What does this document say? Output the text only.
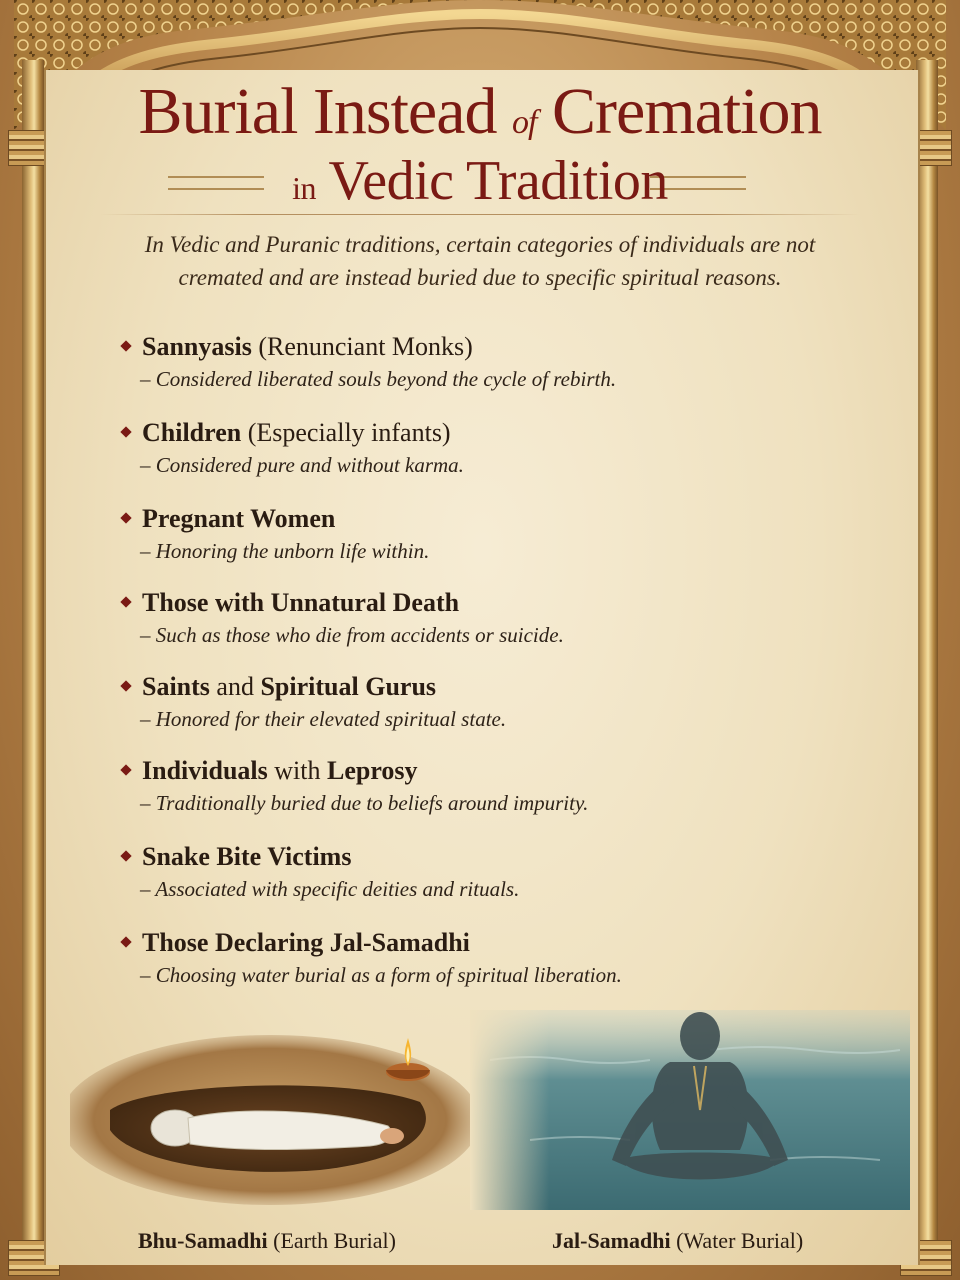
Burial Instead of Cremation
in Vedic Tradition
In Vedic and Puranic traditions, certain categories of individuals are not cremated and are instead buried due to specific spiritual reasons.
Sannyasis (Renunciant Monks)
– Considered liberated souls beyond the cycle of rebirth.
Children (Especially infants)
– Considered pure and without karma.
Pregnant Women
– Honoring the unborn life within.
Those with Unnatural Death
– Such as those who die from accidents or suicide.
Saints and Spiritual Gurus
– Honored for their elevated spiritual state.
Individuals with Leprosy
– Traditionally buried due to beliefs around impurity.
Snake Bite Victims
– Associated with specific deities and rituals.
Those Declaring Jal-Samadhi
– Choosing water burial as a form of spiritual liberation.
Bhu-Samadhi (Earth Burial)	Jal-Samadhi (Water Burial)
